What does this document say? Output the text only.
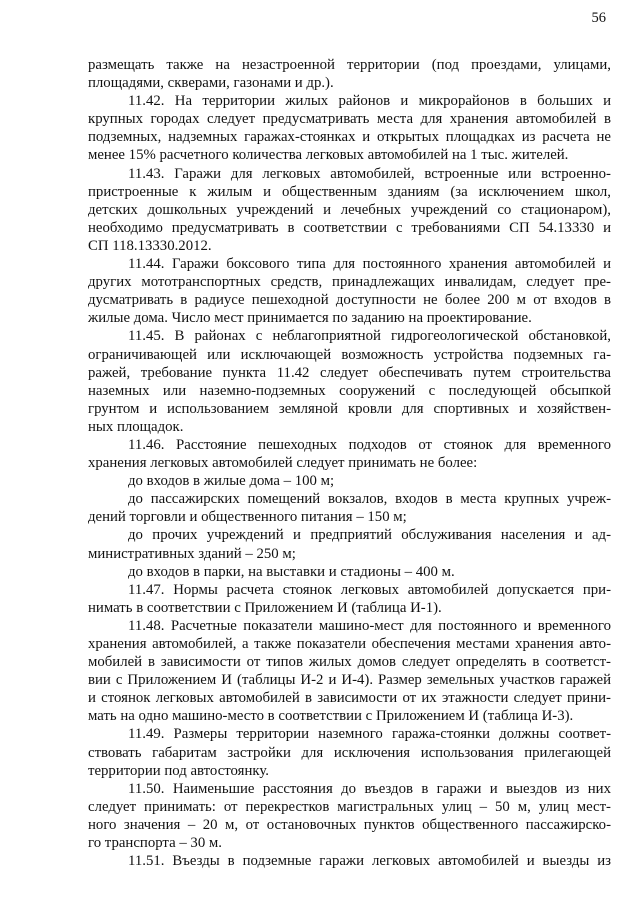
56
размещать также на незастроенной территории (под проездами, улицами,
площадями, скверами, газонами и др.).
11.42. На территории жилых районов и микрорайонов в больших и
крупных городах следует предусматривать места для хранения автомобилей в
подземных, надземных гаражах-стоянках и открытых площадках из расчета не
менее 15% расчетного количества легковых автомобилей на 1 тыс. жителей.
11.43. Гаражи для легковых автомобилей, встроенные или встроенно-
пристроенные к жилым и общественным зданиям (за исключением школ,
детских дошкольных учреждений и лечебных учреждений со стационаром),
необходимо предусматривать в соответствии с требованиями СП 54.13330 и
СП 118.13330.2012.
11.44. Гаражи боксового типа для постоянного хранения автомобилей и
других мототранспортных средств, принадлежащих инвалидам, следует пре-
дусматривать в радиусе пешеходной доступности не более 200 м от входов в
жилые дома. Число мест принимается по заданию на проектирование.
11.45. В районах с неблагоприятной гидрогеологической обстановкой,
ограничивающей или исключающей возможность устройства подземных га-
ражей, требование пункта 11.42 следует обеспечивать путем строительства
наземных или наземно-подземных сооружений с последующей обсыпкой
грунтом и использованием земляной кровли для спортивных и хозяйствен-
ных площадок.
11.46. Расстояние пешеходных подходов от стоянок для временного
хранения легковых автомобилей следует принимать не более:
до входов в жилые дома – 100 м;
до пассажирских помещений вокзалов, входов в места крупных учреж-
дений торговли и общественного питания – 150 м;
до прочих учреждений и предприятий обслуживания населения и ад-
министративных зданий – 250 м;
до входов в парки, на выставки и стадионы – 400 м.
11.47. Нормы расчета стоянок легковых автомобилей допускается при-
нимать в соответствии с Приложением И (таблица И-1).
11.48. Расчетные показатели машино-мест для постоянного и временного
хранения автомобилей, а также показатели обеспечения местами хранения авто-
мобилей в зависимости от типов жилых домов следует определять в соответст-
вии с Приложением И (таблицы И-2 и И-4). Размер земельных участков гаражей
и стоянок легковых автомобилей в зависимости от их этажности следует прини-
мать на одно машино-место в соответствии с Приложением И (таблица И-3).
11.49. Размеры территории наземного гаража-стоянки должны соответ-
ствовать габаритам застройки для исключения использования прилегающей
территории под автостоянку.
11.50. Наименьшие расстояния до въездов в гаражи и выездов из них
следует принимать: от перекрестков магистральных улиц – 50 м, улиц мест-
ного значения – 20 м, от остановочных пунктов общественного пассажирско-
го транспорта – 30 м.
11.51. Въезды в подземные гаражи легковых автомобилей и выезды из
